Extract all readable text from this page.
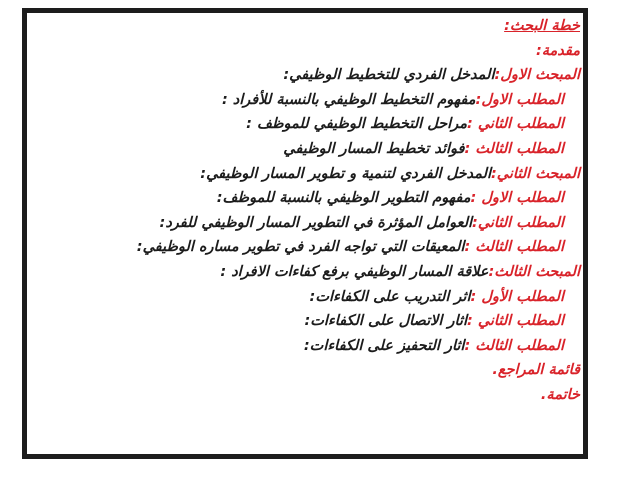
خطة البحث:
مقدمة:
المبحث الاول:المدخل الفردي للتخطيط الوظيفي:
المطلب الاول:مفهوم التخطيط الوظيفي بالنسبة للأفراد :
المطلب الثاني :مراحل التخطيط الوظيفي للموظف :
المطلب الثالث :فوائد تخطيط المسار الوظيفي
المبحث الثاني:المدخل الفردي لتنمية و تطوير المسار الوظيفي:
المطلب الاول :مفهوم التطوير الوظيفي بالنسبة للموظف:
المطلب الثاني:العوامل المؤثرة في التطوير المسار الوظيفي للفرد:
المطلب الثالث :المعيقات التي تواجه الفرد في تطوير مساره الوظيفي:
المبحث الثالث:علاقة المسار الوظيفي برفع كفاءات الافراد :
المطلب الأول :اثر التدريب على الكفاءات:
المطلب الثاني :اثار الاتصال على الكفاءات:
المطلب الثالث :اثار التحفيز على الكفاءات:
قائمة المراجع.
خاتمة.
